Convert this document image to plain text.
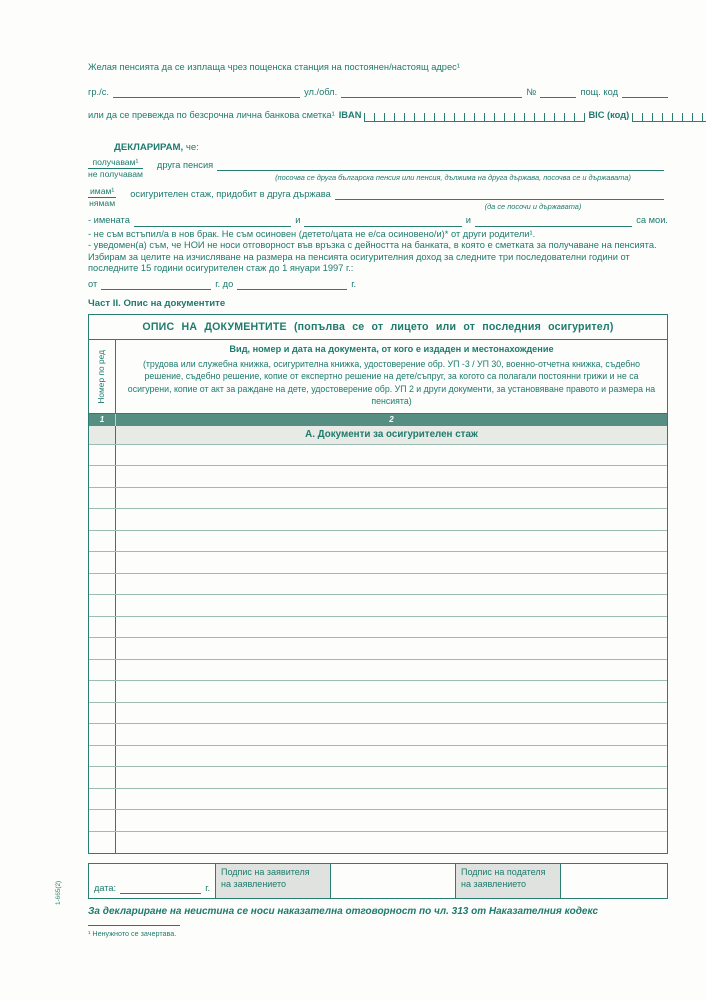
Желая пенсията да се изплаща чрез пощенска станция на постоянен/настоящ адрес¹
гр./с.	ул./обл.	№	пощ. код
или да се превежда по безсрочна лична банкова сметка¹ IBAN	BIC (код)
ДЕКЛАРИРАМ, че:
$\frac{\text{получавам¹}}{\text{не получавам}}$ друга пенсия
(посочва се друга българска пенсия или пенсия, дължима на друга държава, посочва се и държавата)
$\frac{\text{имам¹}}{\text{нямам}}$ осигурителен стаж, придобит в друга държава
(да се посочи и държавата)
- имената	и	и	са мои.
- не съм встъпил/а в нов брак. Не съм осиновен (детето/цата не е/са осиновено/и)* от други родители¹.
- уведомен(а) съм, че НОИ не носи отговорност във връзка с дейността на банката, в която е сметката за получаване на пенсията.
Избирам за целите на изчисляване на размера на пенсията осигурителния доход за следните три последователни години от последните 15 години осигурителен стаж до 1 януари 1997 г.:
от	г. до	г.
Част II. Опис на документите
ОПИС НА ДОКУМЕНТИТЕ (попълва се от лицето или от последния осигурител)
Номер по ред
Вид, номер и дата на документа, от кого е издаден и местонахождение
(трудова или служебна книжка, осигурителна книжка, удостоверение обр. УП -3 / УП 30, военно-отчетна книжка, съдебно решение, съдебно решение, копие от експертно решение на дете/съпруг, за когото са полагали постоянни грижи и не са осигурени, копие от акт за раждане на дете, удостоверение обр. УП 2 и други документи, за установяване правото и размера на пенсията)
1	2
А. Документи за осигурителен стаж
дата:	г.
Подпис на заявителя
на заявлението
Подпис на подателя
на заявлението
За деклариране на неистина се носи наказателна отговорност по чл. 313 от Наказателния кодекс
¹ Ненужното се зачертава.
1-665(2)
